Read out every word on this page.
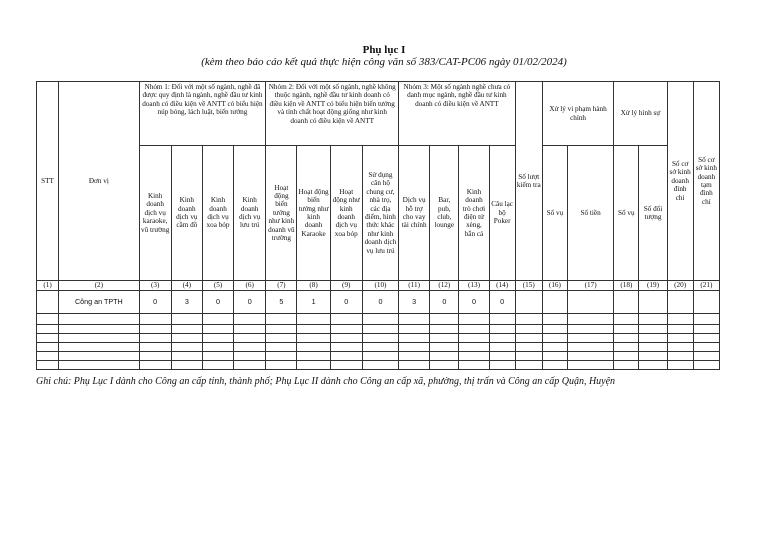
Phụ lục I
(kèm theo báo cáo kết quả thực hiện công văn số 383/CAT-PC06 ngày 01/02/2024)
STT	Đơn vị	Nhóm 1: Đối với một số ngành, nghề đã được quy định là ngành, nghề đầu tư kinh doanh có điều kiện về ANTT có biểu hiện núp bóng, lách luật, biến tướng				Nhóm 2: Đối với một số ngành, nghề không thuộc ngành, nghề đầu tư kinh doanh có điều kiện về ANTT có biểu hiện biến tướng và tính chất hoạt động giống như kinh doanh có điều kiện về ANTT				Nhóm 3: Một số ngành nghề chưa có danh mục ngành, nghề đầu tư kinh doanh có điều kiện về ANTT				Số lượt kiểm tra	Xử lý vi phạm hành chính		Xử lý hình sự		Số cơ sở kinh doanh đình chỉ	Số cơ sở kinh doanh tạm đình chỉ
		Kinh doanh dịch vụ karaoke, vũ trường	Kinh doanh dịch vụ cầm đồ	Kinh doanh dịch vụ xoa bóp	Kinh doanh dịch vụ lưu trú	Hoạt động biến tướng như kinh doanh vũ trường	Hoạt động biến tướng như kinh doanh Karaoke	Hoạt động như kinh doanh dịch vụ xoa bóp	Sử dụng căn hộ chung cư, nhà trọ, các địa điểm, hình thức khác như kinh doanh dịch vụ lưu trú	Dịch vụ hỗ trợ cho vay tài chính	Bar, pub, club, lounge	Kinh doanh trò chơi điện tử xèng, bắn cá	Câu lạc bộ Poker		Số vụ	Số tiền	Số vụ	Số đối tượng		
(1)	(2)	(3)	(4)	(5)	(6)	(7)	(8)	(9)	(10)	(11)	(12)	(13)	(14)	(15)	(16)	(17)	(18)	(19)	(20)	(21)
	Công an TPTH	0	3	0	0	5	1	0	0	3	0	0	0							

Ghi chú: Phụ Lục I dành cho Công an cấp tỉnh, thành phố; Phụ Lục II dành cho Công an cấp xã, phường, thị trấn và Công an cấp Quận, Huyện
